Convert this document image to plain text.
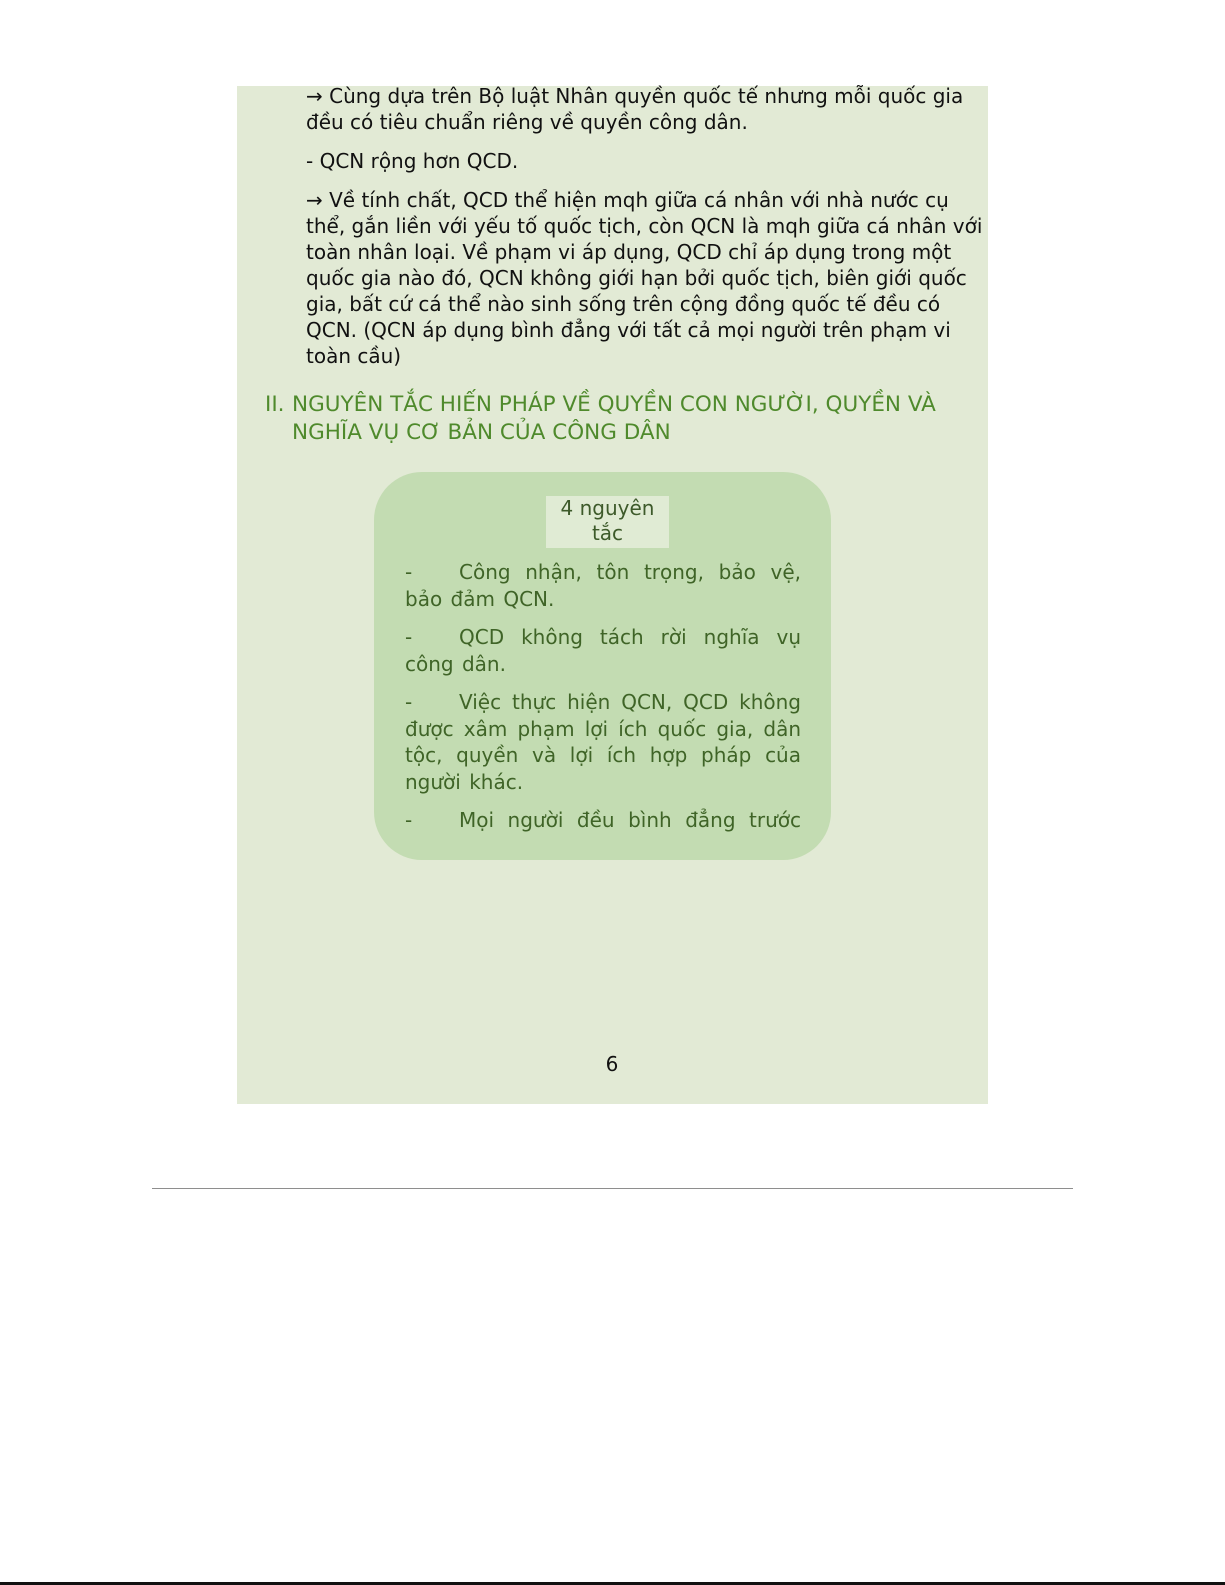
→ Cùng dựa trên Bộ luật Nhân quyền quốc tế nhưng mỗi quốc gia đều có tiêu chuẩn riêng về quyền công dân.

- QCN rộng hơn QCD.

→ Về tính chất, QCD thể hiện mqh giữa cá nhân với nhà nước cụ thể, gắn liền với yếu tố quốc tịch, còn QCN là mqh giữa cá nhân với toàn nhân loại. Về phạm vi áp dụng, QCD chỉ áp dụng trong một quốc gia nào đó, QCN không giới hạn bởi quốc tịch, biên giới quốc gia, bất cứ cá thể nào sinh sống trên cộng đồng quốc tế đều có QCN. (QCN áp dụng bình đẳng với tất cả mọi người trên phạm vi toàn cầu)

II. NGUYÊN TẮC HIẾN PHÁP VỀ QUYỀN CON NGƯỜI, QUYỀN VÀ NGHĨA VỤ CƠ BẢN CỦA CÔNG DÂN
4 nguyên tắc

- Công nhận, tôn trọng, bảo vệ, bảo đảm QCN.

- QCD không tách rời nghĩa vụ công dân.

- Việc thực hiện QCN, QCD không được xâm phạm lợi ích quốc gia, dân tộc, quyền và lợi ích hợp pháp của người khác.

- Mọi người đều bình đẳng trước

6
